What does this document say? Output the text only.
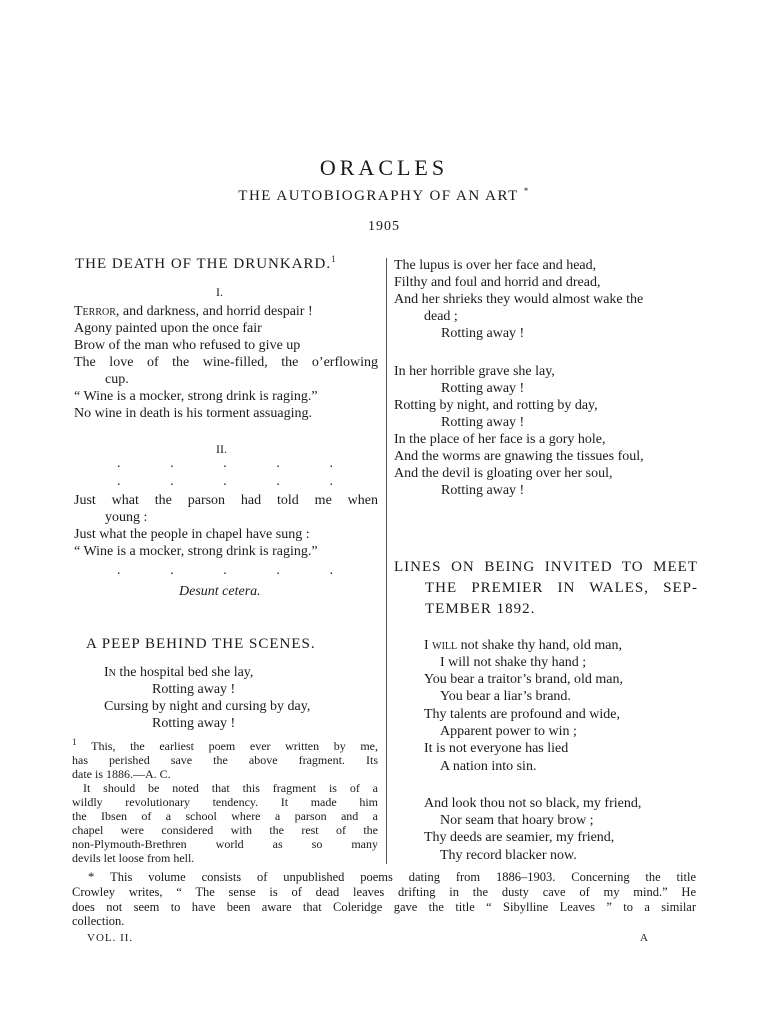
ORACLES
THE AUTOBIOGRAPHY OF AN ART *
1905
THE DEATH OF THE DRUNKARD.$^1$
I.
Terror, and darkness, and horrid despair !
Agony painted upon the once fair
Brow of the man who refused to give up
The love of the wine-filled, the o’erflowing
cup.
“ Wine is a mocker, strong drink is raging.”
No wine in death is his torment assuaging.
II.
.	.	.	.	.
.	.	.	.	.
Just what the parson had told me when
young :
Just what the people in chapel have sung :
“ Wine is a mocker, strong drink is raging.”
.	.	.	.	.
Desunt cetera.
A PEEP BEHIND THE SCENES.
In the hospital bed she lay,
Rotting away !
Cursing by night and cursing by day,
Rotting away !
$^1$ This, the earliest poem ever written by me,
has perished save the above fragment. Its
date is 1886.—A. C.
It should be noted that this fragment is of a
wildly revolutionary tendency. It made him
the Ibsen of a school where a parson and a
chapel were considered with the rest of the
non-Plymouth-Brethren world as so many
devils let loose from hell.
The lupus is over her face and head,
Filthy and foul and horrid and dread,
And her shrieks they would almost wake the
dead ;
Rotting away !
In her horrible grave she lay,
Rotting away !
Rotting by night, and rotting by day,
Rotting away !
In the place of her face is a gory hole,
And the worms are gnawing the tissues foul,
And the devil is gloating over her soul,
Rotting away !
LINES ON BEING INVITED TO MEET
THE PREMIER IN WALES, SEP-
TEMBER 1892.
I will not shake thy hand, old man,
I will not shake thy hand ;
You bear a traitor’s brand, old man,
You bear a liar’s brand.
Thy talents are profound and wide,
Apparent power to win ;
It is not everyone has lied
A nation into sin.
And look thou not so black, my friend,
Nor seam that hoary brow ;
Thy deeds are seamier, my friend,
Thy record blacker now.
* This volume consists of unpublished poems dating from 1886–1903. Concerning the title
Crowley writes, “ The sense is of dead leaves drifting in the dusty cave of my mind.” He
does not seem to have been aware that Coleridge gave the title “ Sibylline Leaves ” to a similar
collection.
VOL. II.	A
